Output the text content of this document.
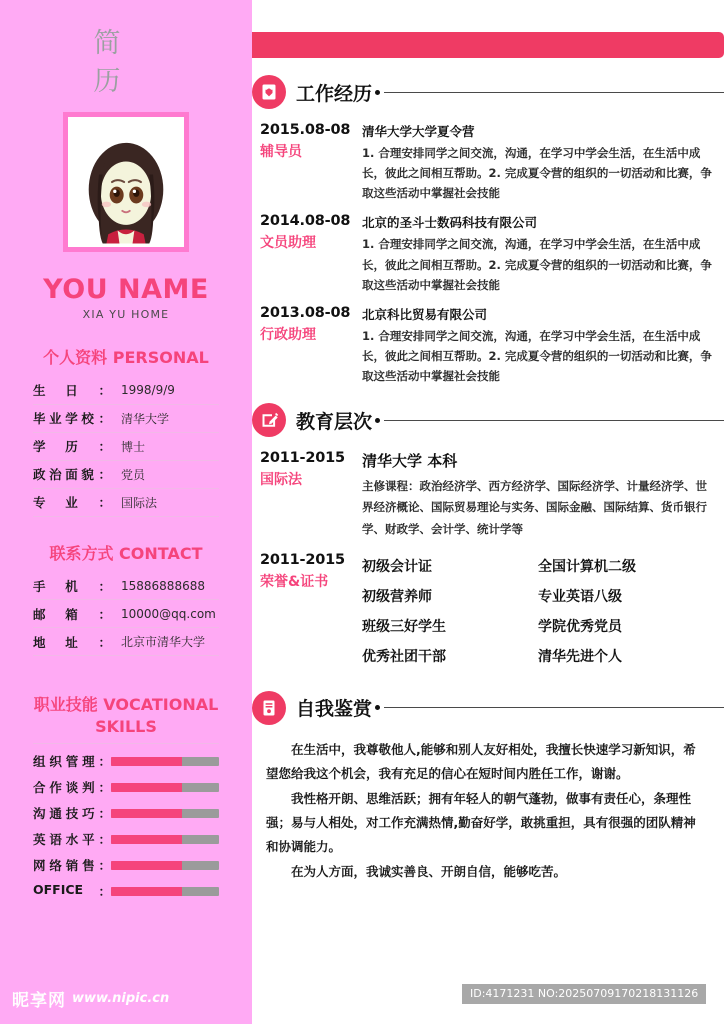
简历
YOU NAME
XIA YU HOME
个人资料 PERSONAL
生 日 ： 1998/9/9
毕 业 学 校 ： 清华大学
学 历 ： 博士
政 治 面 貌 ： 党员
专 业 ： 国际法
联系方式 CONTACT
手 机 ： 15886888688
邮 箱 ： 10000@qq.com
地 址 ： 北京市清华大学
职业技能 VOCATIONAL SKILLS
组 织 管 理 ：
合 作 谈 判 ：
沟 通 技 巧 ：
英 语 水 平 ：
网 络 销 售 ：
OFFICE ：
工作经历
2015.08-08
辅导员
清华大学大学夏令营
1. 合理安排同学之间交流，沟通，在学习中学会生活，在生活中成长，彼此之间相互帮助。2. 完成夏令营的组织的一切活动和比赛，争取这些活动中掌握社会技能
2014.08-08
文员助理
北京的圣斗士数码科技有限公司
1. 合理安排同学之间交流，沟通，在学习中学会生活，在生活中成长，彼此之间相互帮助。2. 完成夏令营的组织的一切活动和比赛，争取这些活动中掌握社会技能
2013.08-08
行政助理
北京科比贸易有限公司
1. 合理安排同学之间交流，沟通，在学习中学会生活，在生活中成长，彼此之间相互帮助。2. 完成夏令营的组织的一切活动和比赛，争取这些活动中掌握社会技能
教育层次
2011-2015
国际法
清华大学 本科
主修课程：政治经济学、西方经济学、国际经济学、计量经济学、世界经济概论、国际贸易理论与实务、国际金融、国际结算、货币银行学、财政学、会计学、统计学等
2011-2015
荣誉&证书
初级会计证	全国计算机二级
初级营养师	专业英语八级
班级三好学生	学院优秀党员
优秀社团干部	清华先进个人
自我鉴赏
在生活中，我尊敬他人,能够和别人友好相处，我擅长快速学习新知识，希望您给我这个机会，我有充足的信心在短时间内胜任工作，谢谢。
我性格开朗、思维活跃；拥有年轻人的朝气蓬勃，做事有责任心，条理性强；易与人相处，对工作充满热情,勤奋好学，敢挑重担，具有很强的团队精神和协调能力。
在为人方面，我诚实善良、开朗自信，能够吃苦。
昵享网 www.nipic.cn	ID:4171231 NO:20250709170218131126
